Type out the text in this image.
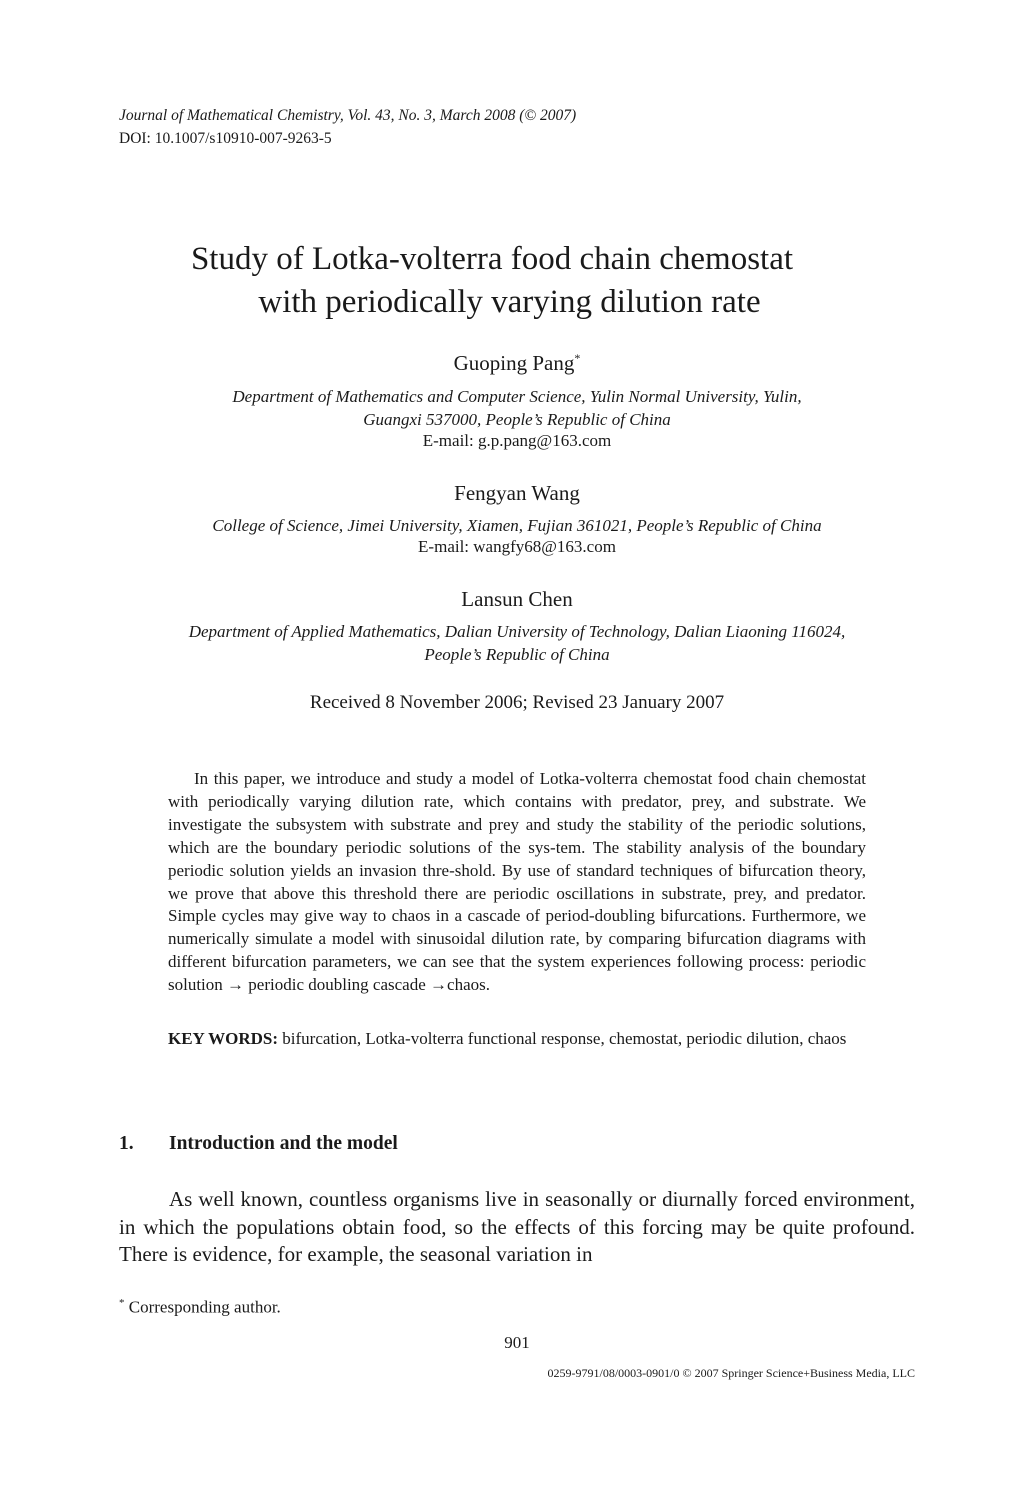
Journal of Mathematical Chemistry, Vol. 43, No. 3, March 2008 (© 2007)
DOI: 10.1007/s10910-007-9263-5
Study of Lotka-volterra food chain chemostat
with periodically varying dilution rate
Guoping Pang*
Department of Mathematics and Computer Science, Yulin Normal University, Yulin,
Guangxi 537000, People’s Republic of China
E-mail: g.p.pang@163.com
Fengyan Wang
College of Science, Jimei University, Xiamen, Fujian 361021, People’s Republic of China
E-mail: wangfy68@163.com
Lansun Chen
Department of Applied Mathematics, Dalian University of Technology, Dalian Liaoning 116024,
People’s Republic of China
Received 8 November 2006; Revised 23 January 2007

In this paper, we introduce and study a model of Lotka-volterra chemostat food chain chemostat with periodically varying dilution rate, which contains with predator, prey, and substrate. We investigate the subsystem with substrate and prey and study the stability of the periodic solutions, which are the boundary periodic solutions of the sys-tem. The stability analysis of the boundary periodic solution yields an invasion thre-shold. By use of standard techniques of bifurcation theory, we prove that above this threshold there are periodic oscillations in substrate, prey, and predator. Simple cycles may give way to chaos in a cascade of period-doubling bifurcations. Furthermore, we numerically simulate a model with sinusoidal dilution rate, by comparing bifurcation diagrams with different bifurcation parameters, we can see that the system experiences following process: periodic solution → periodic doubling cascade →chaos.

KEY WORDS: bifurcation, Lotka-volterra functional response, chemostat, periodic dilution, chaos
1. Introduction and the model

As well known, countless organisms live in seasonally or diurnally forced environment, in which the populations obtain food, so the effects of this forcing may be quite profound. There is evidence, for example, the seasonal variation in

* Corresponding author.
901
0259-9791/08/0003-0901/0 © 2007 Springer Science+Business Media, LLC
